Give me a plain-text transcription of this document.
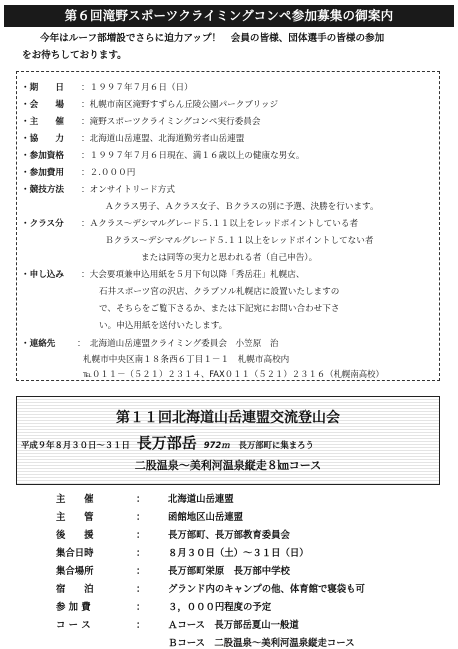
第６回滝野スポーツクライミングコンペ参加募集の御案内
今年はルーフ部増設でさらに迫力アップ！　会員の皆様、団体選手の皆様の参加
をお待ちしております。
・期　　日 ：１９９７年７月６日（日）
・会　　場 ：札幌市南区滝野すずらん丘陵公園パークブリッジ
・主　　催 ：滝野スポーツクライミングコンペ実行委員会
・協　　力 ：北海道山岳連盟、北海道勤労者山岳連盟
・参加資格 ：１９９７年７月６日現在、満１６歳以上の健康な男女。
・参加費用 ：２.０００円
・競技方法 ：オンサイトリード方式
Ａクラス男子、Ａクラス女子、Ｂクラスの別に予選、決勝を行います。
・クラス分 ：Ａクラス～デシマルグレード５.１１以上をレッドポイントしている者
Ｂクラス～デシマルグレード５.１１以上をレッドポイントしてない者
または同等の実力と思われる者（自己申告）。
・申し込み ：大会要項兼申込用紙を５月下旬以降「秀岳荘」札幌店、
石井スポーツ宮の沢店、クラブソル札幌店に設置いたしますの
で、そちらをご覧下さるか、または下記宛にお問い合わせ下さ
い。申込用紙を送付いたします。
・連絡先	：　北海道山岳連盟クライミング委員会　小笠原　治
札幌市中央区南１８条西６丁目１－１　札幌市高校内
℡０１１－（５２１）２３１４、FAX０１１（５２１）２３１６（札幌南高校）
第１１回北海道山岳連盟交流登山会
平成９年８月３０日～３１日 長万部岳 972ｍ 長万部町に集まろう
二股温泉～美利河温泉縦走８㎞コース
主　　催	： 北海道山岳連盟
主　　管	： 函館地区山岳連盟
後　　援	： 長万部町、長万部教育委員会
集合日時	： ８月３０日（土）～３１日（日）
集合場所	： 長万部町栄原　長万部中学校
宿　　泊	： グランド内のキャンプの他、体育館で寝袋も可
参 加 費	： ３，０００円程度の予定
コ ー ス	： Ａコース　長万部岳夏山一般道
Ｂコース　二股温泉～美利河温泉縦走コース
